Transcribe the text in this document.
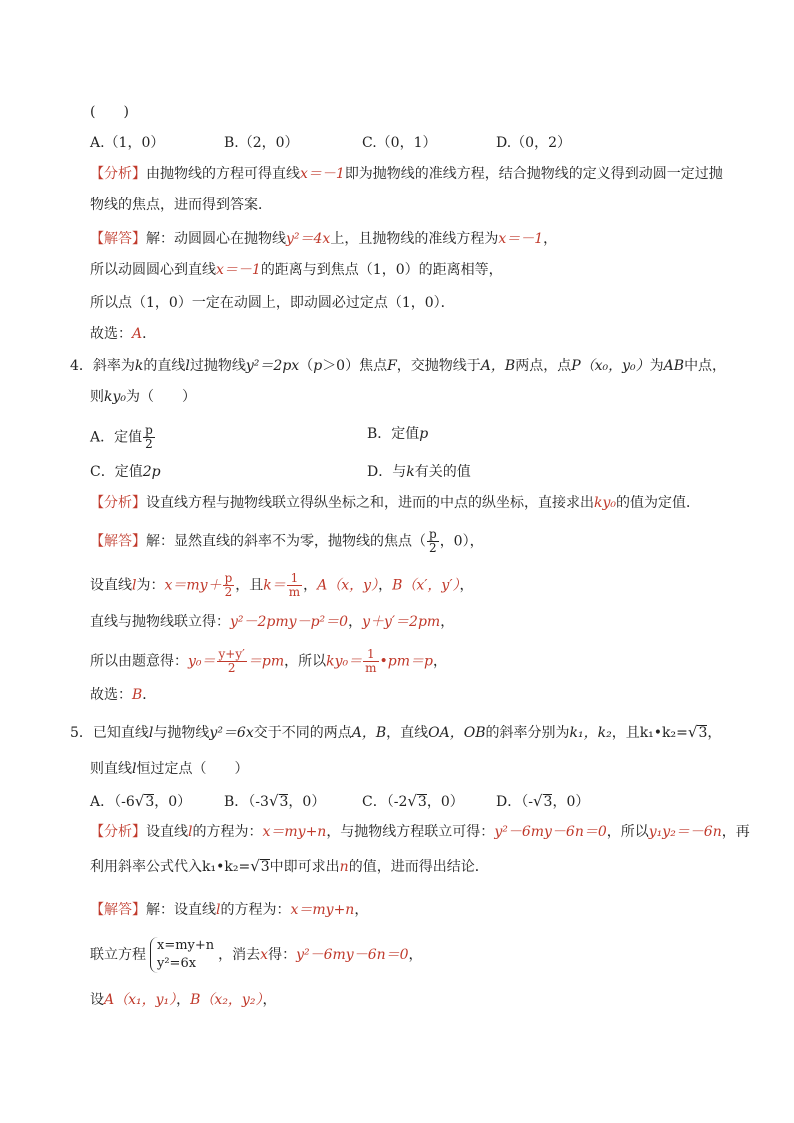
(　　)
A.（1，0）	B.（2，0）	C.（0，1）	D.（0，2）
【分析】由抛物线的方程可得直线x＝－1即为抛物线的准线方程，结合抛物线的定义得到动圆一定过抛
物线的焦点，进而得到答案．
【解答】解：动圆圆心在抛物线y²＝4x上，且抛物线的准线方程为x＝－1，
所以动圆圆心到直线x＝－1的距离与到焦点（1，0）的距离相等，
所以点（1，0）一定在动圆上，即动圆必过定点（1，0）．
故选：A．
4．斜率为k的直线l过抛物线y²＝2px（p＞0）焦点F，交抛物线于A，B两点，点P（x₀，y₀）为AB中点，
则ky₀为（　　）
A．定值 $\frac{p}{2}$	B．定值p
C．定值2p	D．与k有关的值
【分析】设直线方程与抛物线联立得纵坐标之和，进而的中点的纵坐标，直接求出ky₀的值为定值．
【解答】解：显然直线的斜率不为零，抛物线的焦点（ $\frac{p}{2}$ ，0），
设直线l为：$x=my+ \frac{p}{2}$ ，且$k= \frac{1}{m}$ ，A（x，y），B（x′，y′），
直线与抛物线联立得：y²－2pmy－p²＝0，y＋y′＝2pm，
所以由题意得：$y_0= \frac{y+y'}{2} =pm$，所以$ky_0= \frac{1}{m}$ •pm＝p，
故选：B．
5．已知直线l与抛物线y²＝6x交于不同的两点A，B，直线OA，OB的斜率分别为k₁，k₂，且k₁•k₂=√3，
则直线l恒过定点（　　）
A．（-6√3，0） B．（-3√3，0）	C．（-2√3，0） D．（-√3，0）
【分析】设直线l的方程为：x＝my+n，与抛物线方程联立可得：y²－6my－6n＝0，所以y₁y₂＝－6n，再
利用斜率公式代入k₁•k₂=√3中即可求出n的值，进而得出结论．
【解答】解：设直线l的方程为：x＝my+n，
联立方程
x=my+n
y²=6x
，消去x得：y²－6my－6n＝0，
设A（x₁，y₁），B（x₂，y₂），
